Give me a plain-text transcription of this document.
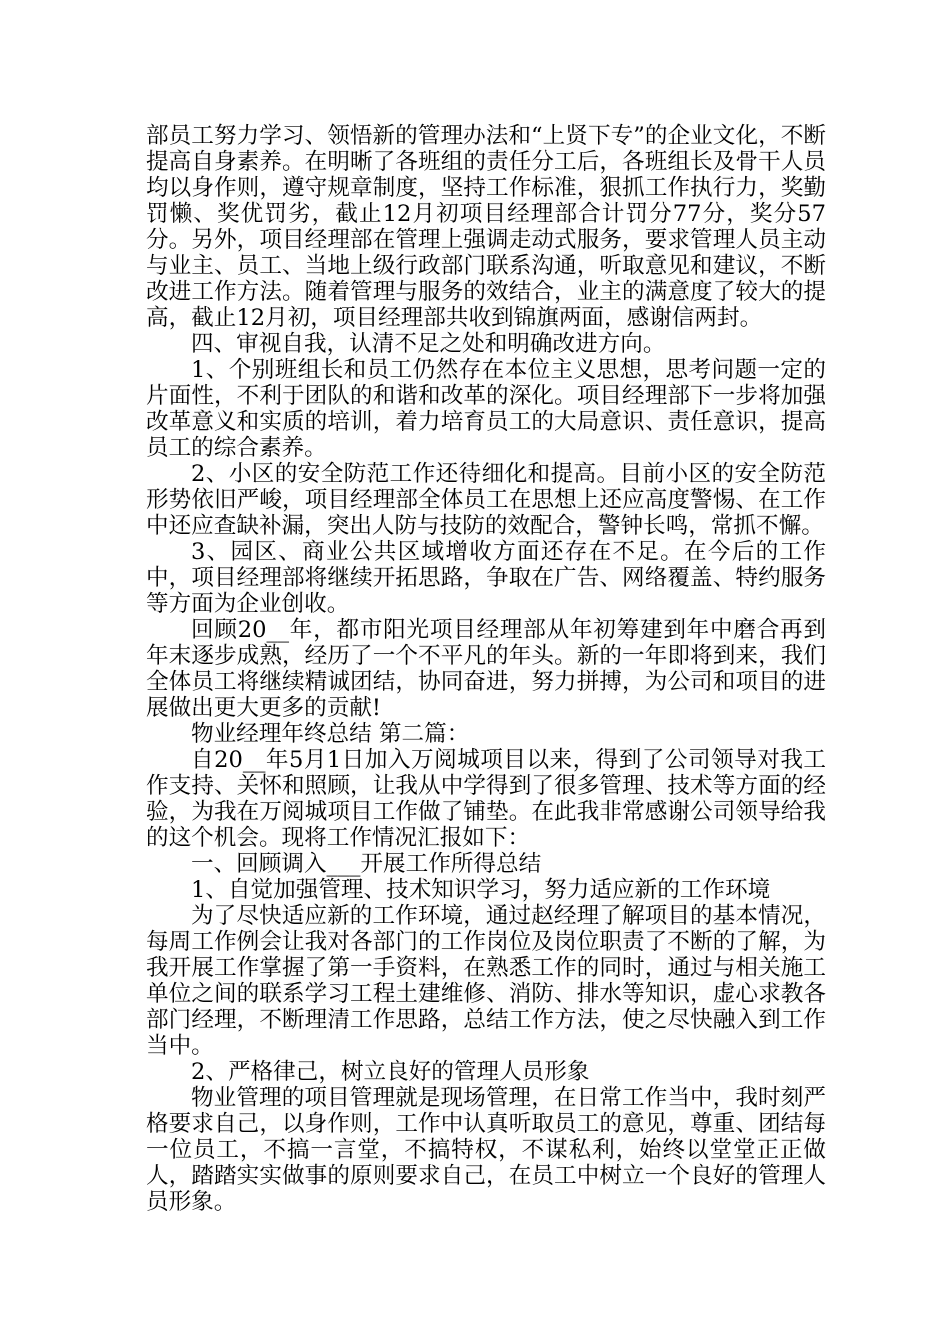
部员工努力学习、领悟新的管理办法和“上贤下专”的企业文化，不断提高自身素养。在明晰了各班组的责任分工后，各班组长及骨干人员均以身作则，遵守规章制度，坚持工作标准，狠抓工作执行力，奖勤罚懒、奖优罚劣，截止12月初项目经理部合计罚分77分，奖分57分。另外，项目经理部在管理上强调走动式服务，要求管理人员主动与业主、员工、当地上级行政部门联系沟通，听取意见和建议，不断改进工作方法。随着管理与服务的效结合，业主的满意度了较大的提高，截止12月初，项目经理部共收到锦旗两面，感谢信两封。

四、审视自我，认清不足之处和明确改进方向。

1、个别班组长和员工仍然存在本位主义思想，思考问题一定的片面性，不利于团队的和谐和改革的深化。项目经理部下一步将加强改革意义和实质的培训，着力培育员工的大局意识、责任意识，提高员工的综合素养。

2、小区的安全防范工作还待细化和提高。目前小区的安全防范形势依旧严峻，项目经理部全体员工在思想上还应高度警惕、在工作中还应查缺补漏，突出人防与技防的效配合，警钟长鸣，常抓不懈。

3、园区、商业公共区域增收方面还存在不足。在今后的工作中，项目经理部将继续开拓思路，争取在广告、网络覆盖、特约服务等方面为企业创收。

回顾20__年，都市阳光项目经理部从年初筹建到年中磨合再到年末逐步成熟，经历了一个不平凡的年头。新的一年即将到来，我们全体员工将继续精诚团结，协同奋进，努力拼搏，为公司和项目的进展做出更大更多的贡献!

物业经理年终总结 第二篇：

自20__年5月1日加入万阅城项目以来，得到了公司领导对我工作支持、关怀和照顾，让我从中学得到了很多管理、技术等方面的经验，为我在万阅城项目工作做了铺垫。在此我非常感谢公司领导给我的这个机会。现将工作情况汇报如下：

一、回顾调入___开展工作所得总结

1、自觉加强管理、技术知识学习，努力适应新的工作环境

为了尽快适应新的工作环境，通过赵经理了解项目的基本情况，每周工作例会让我对各部门的工作岗位及岗位职责了不断的了解，为我开展工作掌握了第一手资料，在熟悉工作的同时，通过与相关施工单位之间的联系学习工程土建维修、消防、排水等知识，虚心求教各部门经理，不断理清工作思路，总结工作方法，使之尽快融入到工作当中。

2、严格律己，树立良好的管理人员形象

物业管理的项目管理就是现场管理，在日常工作当中，我时刻严格要求自己，以身作则，工作中认真听取员工的意见，尊重、团结每一位员工，不搞一言堂，不搞特权，不谋私利，始终以堂堂正正做人，踏踏实实做事的原则要求自己，在员工中树立一个良好的管理人员形象。
